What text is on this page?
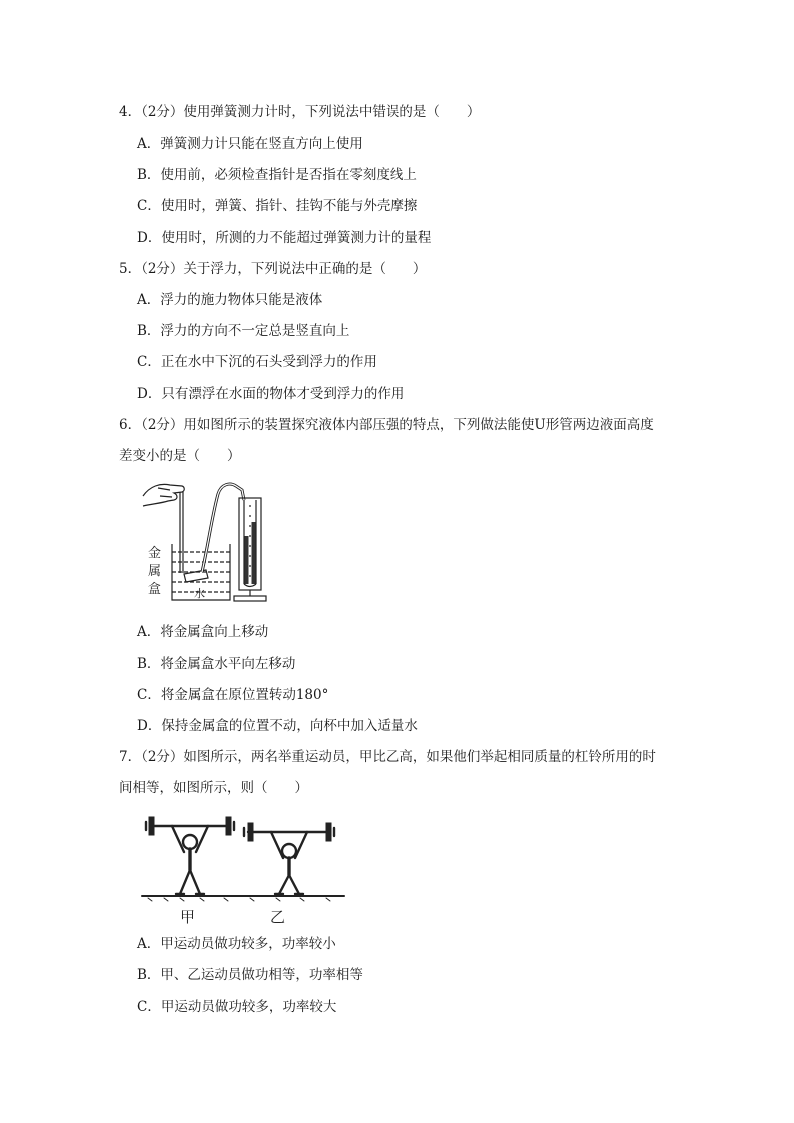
4．（2分）使用弹簧测力计时，下列说法中错误的是（　　）
A．弹簧测力计只能在竖直方向上使用
B．使用前，必须检查指针是否指在零刻度线上
C．使用时，弹簧、指针、挂钩不能与外壳摩擦
D．使用时，所测的力不能超过弹簧测力计的量程
5．（2分）关于浮力，下列说法中正确的是（　　）
A．浮力的施力物体只能是液体
B．浮力的方向不一定总是竖直向上
C．正在水中下沉的石头受到浮力的作用
D．只有漂浮在水面的物体才受到浮力的作用
6．（2分）用如图所示的装置探究液体内部压强的特点，下列做法能使U形管两边液面高度
差变小的是（　　）
金
属
盒	水
A．将金属盒向上移动
B．将金属盒水平向左移动
C．将金属盒在原位置转动180°
D．保持金属盒的位置不动，向杯中加入适量水
7．（2分）如图所示，两名举重运动员，甲比乙高，如果他们举起相同质量的杠铃所用的时
间相等，如图所示，则（　　）
甲	乙
A．甲运动员做功较多，功率较小
B．甲、乙运动员做功相等，功率相等
C．甲运动员做功较多，功率较大
